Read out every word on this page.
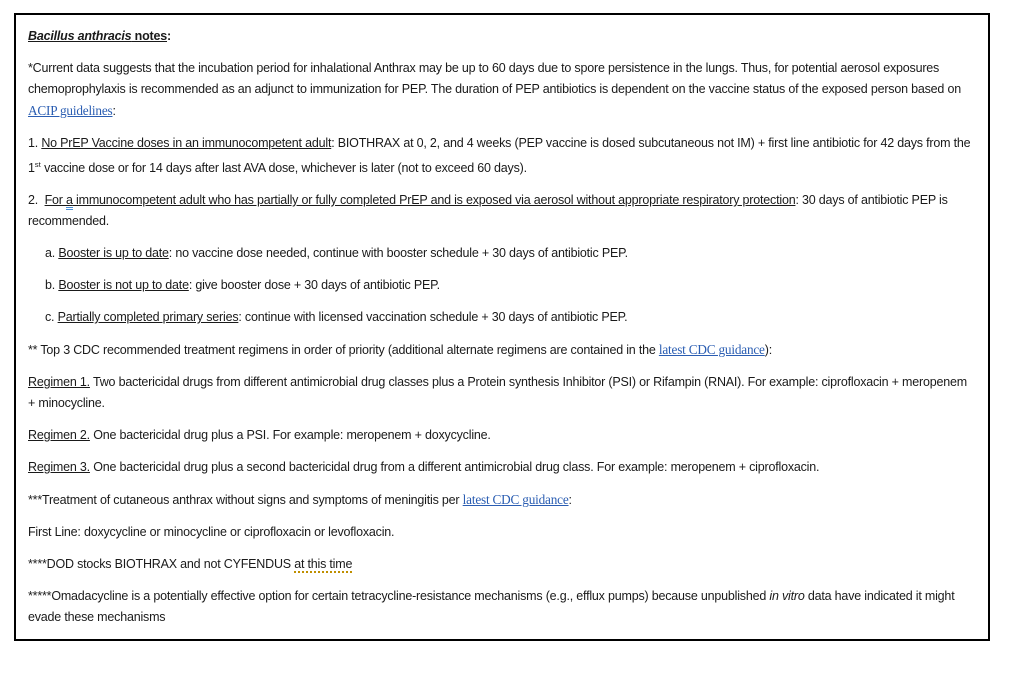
Bacillus anthracis notes:

*Current data suggests that the incubation period for inhalational Anthrax may be up to 60 days due to spore persistence in the lungs. Thus, for potential aerosol exposures chemoprophylaxis is recommended as an adjunct to immunization for PEP. The duration of PEP antibiotics is dependent on the vaccine status of the exposed person based on ACIP guidelines:

1. No PrEP Vaccine doses in an immunocompetent adult: BIOTHRAX at 0, 2, and 4 weeks (PEP vaccine is dosed subcutaneous not IM) + first line antibiotic for 42 days from the 1st vaccine dose or for 14 days after last AVA dose, whichever is later (not to exceed 60 days).

2.  For a immunocompetent adult who has partially or fully completed PrEP and is exposed via aerosol without appropriate respiratory protection: 30 days of antibiotic PEP is recommended.

a. Booster is up to date: no vaccine dose needed, continue with booster schedule + 30 days of antibiotic PEP.

b. Booster is not up to date: give booster dose + 30 days of antibiotic PEP.

c. Partially completed primary series: continue with licensed vaccination schedule + 30 days of antibiotic PEP.

** Top 3 CDC recommended treatment regimens in order of priority (additional alternate regimens are contained in the latest CDC guidance):

Regimen 1. Two bactericidal drugs from different antimicrobial drug classes plus a Protein synthesis Inhibitor (PSI) or Rifampin (RNAI). For example: ciprofloxacin + meropenem + minocycline.

Regimen 2. One bactericidal drug plus a PSI. For example: meropenem + doxycycline.

Regimen 3. One bactericidal drug plus a second bactericidal drug from a different antimicrobial drug class. For example: meropenem + ciprofloxacin.

***Treatment of cutaneous anthrax without signs and symptoms of meningitis per latest CDC guidance:

First Line: doxycycline or minocycline or ciprofloxacin or levofloxacin.

****DOD stocks BIOTHRAX and not CYFENDUS at this time

*****Omadacycline is a potentially effective option for certain tetracycline-resistance mechanisms (e.g., efflux pumps) because unpublished in vitro data have indicated it might evade these mechanisms
